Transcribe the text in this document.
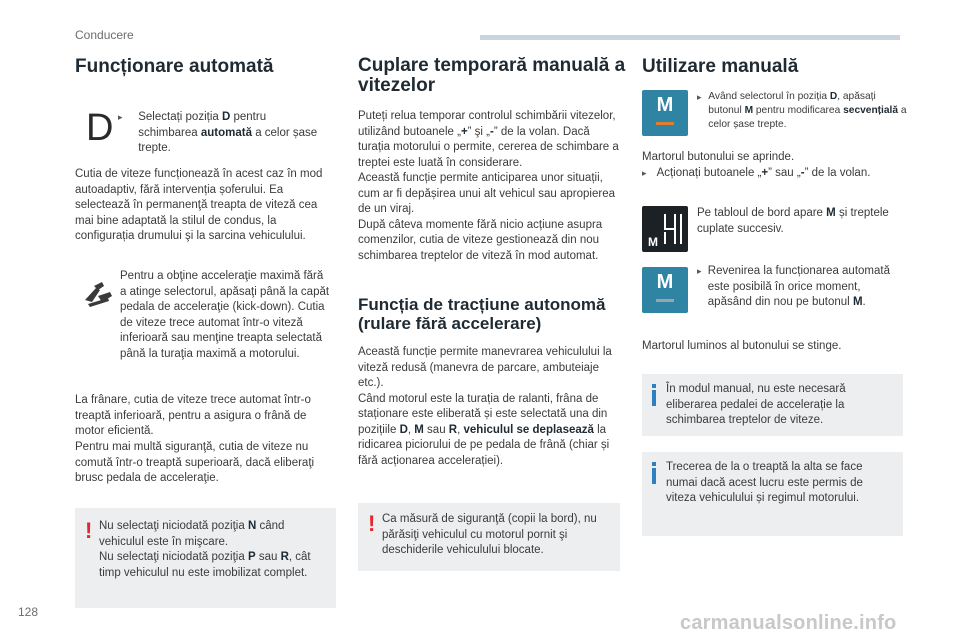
Conducere
Funcționare automată
D ▸	Selectați poziția D pentru schimbarea automată a celor șase trepte.

Cutia de viteze funcționează în acest caz în mod autoadaptiv, fără intervenția șoferului. Ea selectează în permanenţă treapta de viteză cea mai bine adaptată la stilul de condus, la configurația drumului şi la sarcina vehiculului.

Pentru a obţine acceleraţie maximă fără a atinge selectorul, apăsaţi până la capăt pedala de acceleraţie (kick-down). Cutia de viteze trece automat într-o viteză inferioară sau menţine treapta selectată până la turaţia maximă a motorului.

La frânare, cutia de viteze trece automat într-o treaptă inferioară, pentru a asigura o frână de motor eficientă.

Pentru mai multă siguranţă, cutia de viteze nu comută într-o treaptă superioară, dacă eliberaţi brusc pedala de acceleraţie.

! Nu selectaţi niciodată poziţia N când vehiculul este în mişcare.
Nu selectaţi niciodată poziţia P sau R, cât timp vehiculul nu este imobilizat complet.
Cuplare temporară manuală a vitezelor
Puteți relua temporar controlul schimbării vitezelor, utilizând butoanele „+” şi „-” de la volan. Dacă turația motorului o permite, cererea de schimbare a treptei este luată în considerare.
Această funcție permite anticiparea unor situații, cum ar fi depășirea unui alt vehicul sau apropierea de un viraj.
După câteva momente fără nicio acțiune asupra comenzilor, cutia de viteze gestionează din nou schimbarea treptelor de viteză în mod automat.
Funcția de tracțiune autonomă (rulare fără accelerare)
Această funcție permite manevrarea vehiculului la viteză redusă (manevra de parcare, ambuteiaje etc.).
Când motorul este la turația de ralanti, frâna de staționare este eliberată și este selectată una din pozițiile D, M sau R, vehiculul se deplasează la ridicarea piciorului de pe pedala de frână (chiar și fără acționarea accelerației).
! Ca măsură de siguranţă (copii la bord), nu părăsiţi vehiculul cu motorul pornit şi deschiderile vehiculului blocate.
Utilizare manuală
M	▸ Având selectorul în poziția D, apăsați butonul M pentru modificarea secvențială a celor șase trepte.
Martorul butonului se aprinde.
▸ Acționați butoanele „+” sau „-” de la volan.
M
Pe tabloul de bord apare M și treptele cuplate succesiv.
M	▸ Revenirea la funcționarea automată este posibilă în orice moment, apăsând din nou pe butonul M.
Martorul luminos al butonului se stinge.
În modul manual, nu este necesară eliberarea pedalei de accelerație la schimbarea treptelor de viteze.
Trecerea de la o treaptă la alta se face numai dacă acest lucru este permis de viteza vehiculului și regimul motorului.
128	carmanualsonline.info
